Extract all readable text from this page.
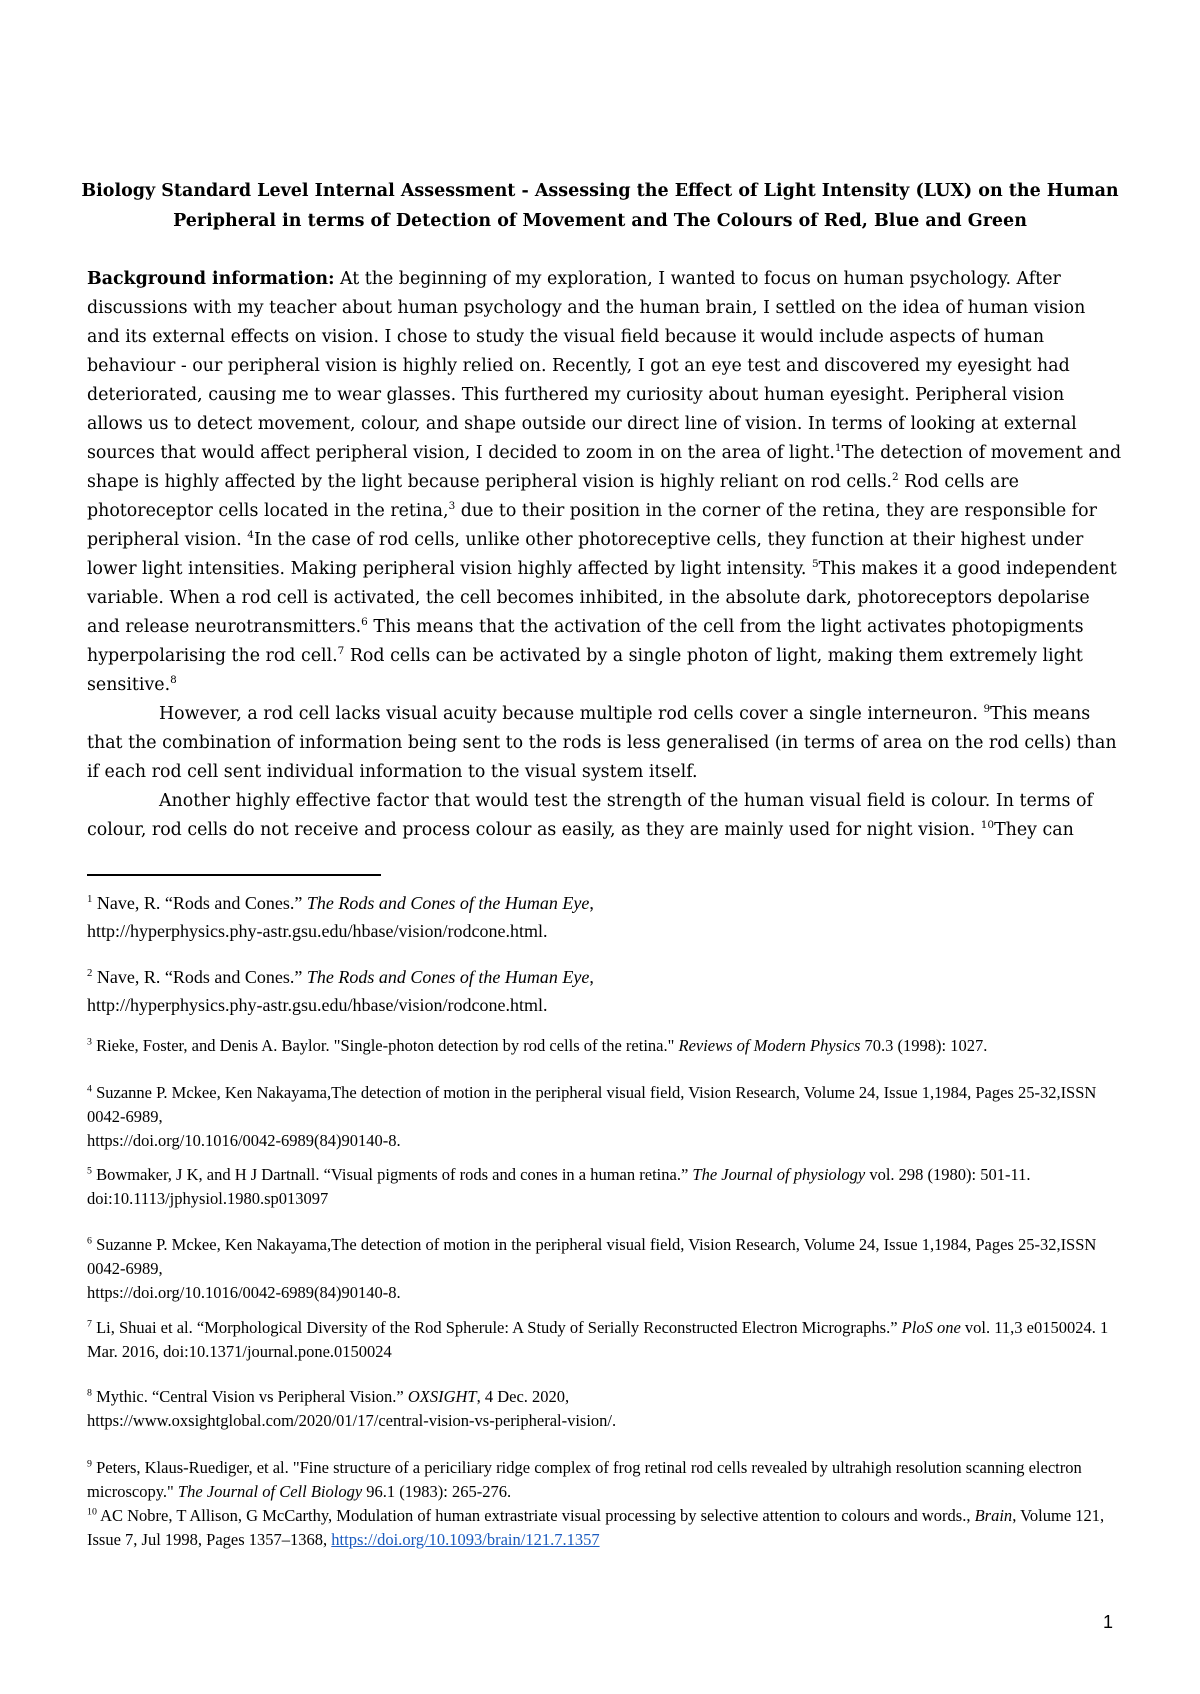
Biology Standard Level Internal Assessment - Assessing the Effect of Light Intensity (LUX) on the Human Peripheral in terms of Detection of Movement and The Colours of Red, Blue and Green

Background information: At the beginning of my exploration, I wanted to focus on human psychology. After discussions with my teacher about human psychology and the human brain, I settled on the idea of human vision and its external effects on vision. I chose to study the visual field because it would include aspects of human behaviour - our peripheral vision is highly relied on. Recently, I got an eye test and discovered my eyesight had deteriorated, causing me to wear glasses. This furthered my curiosity about human eyesight. Peripheral vision allows us to detect movement, colour, and shape outside our direct line of vision. In terms of looking at external sources that would affect peripheral vision, I decided to zoom in on the area of light.$^1$The detection of movement and shape is highly affected by the light because peripheral vision is highly reliant on rod cells.$^2$ Rod cells are photoreceptor cells located in the retina,$^3$ due to their position in the corner of the retina, they are responsible for peripheral vision. $^4$In the case of rod cells, unlike other photoreceptive cells, they function at their highest under lower light intensities. Making peripheral vision highly affected by light intensity. $^5$This makes it a good independent variable. When a rod cell is activated, the cell becomes inhibited, in the absolute dark, photoreceptors depolarise and release neurotransmitters.$^6$ This means that the activation of the cell from the light activates photopigments hyperpolarising the rod cell.$^7$ Rod cells can be activated by a single photon of light, making them extremely light sensitive.$^8$

However, a rod cell lacks visual acuity because multiple rod cells cover a single interneuron. $^9$This means that the combination of information being sent to the rods is less generalised (in terms of area on the rod cells) than if each rod cell sent individual information to the visual system itself.

Another highly effective factor that would test the strength of the human visual field is colour. In terms of colour, rod cells do not receive and process colour as easily, as they are mainly used for night vision. $^{10}$They can

$^1$ Nave, R. “Rods and Cones.” The Rods and Cones of the Human Eye,
http://hyperphysics.phy-astr.gsu.edu/hbase/vision/rodcone.html.
$^2$ Nave, R. “Rods and Cones.” The Rods and Cones of the Human Eye,
http://hyperphysics.phy-astr.gsu.edu/hbase/vision/rodcone.html.
$^3$ Rieke, Foster, and Denis A. Baylor. "Single-photon detection by rod cells of the retina." Reviews of Modern Physics 70.3 (1998): 1027.
$^4$ Suzanne P. Mckee, Ken Nakayama,The detection of motion in the peripheral visual field, Vision Research, Volume 24, Issue 1,1984, Pages 25-32,ISSN 0042-6989,
https://doi.org/10.1016/0042-6989(84)90140-8.
$^5$ Bowmaker, J K, and H J Dartnall. “Visual pigments of rods and cones in a human retina.” The Journal of physiology vol. 298 (1980): 501-11. doi:10.1113/jphysiol.1980.sp013097
$^6$ Suzanne P. Mckee, Ken Nakayama,The detection of motion in the peripheral visual field, Vision Research, Volume 24, Issue 1,1984, Pages 25-32,ISSN 0042-6989,
https://doi.org/10.1016/0042-6989(84)90140-8.
$^7$ Li, Shuai et al. “Morphological Diversity of the Rod Spherule: A Study of Serially Reconstructed Electron Micrographs.” PloS one vol. 11,3 e0150024. 1 Mar. 2016, doi:10.1371/journal.pone.0150024
$^8$ Mythic. “Central Vision vs Peripheral Vision.” OXSIGHT, 4 Dec. 2020,
https://www.oxsightglobal.com/2020/01/17/central-vision-vs-peripheral-vision/.
$^9$ Peters, Klaus-Ruediger, et al. "Fine structure of a periciliary ridge complex of frog retinal rod cells revealed by ultrahigh resolution scanning electron microscopy." The Journal of Cell Biology 96.1 (1983): 265-276.
$^{10}$ AC Nobre, T Allison, G McCarthy, Modulation of human extrastriate visual processing by selective attention to colours and words., Brain, Volume 121, Issue 7, Jul 1998, Pages 1357–1368, https://doi.org/10.1093/brain/121.7.1357
1
